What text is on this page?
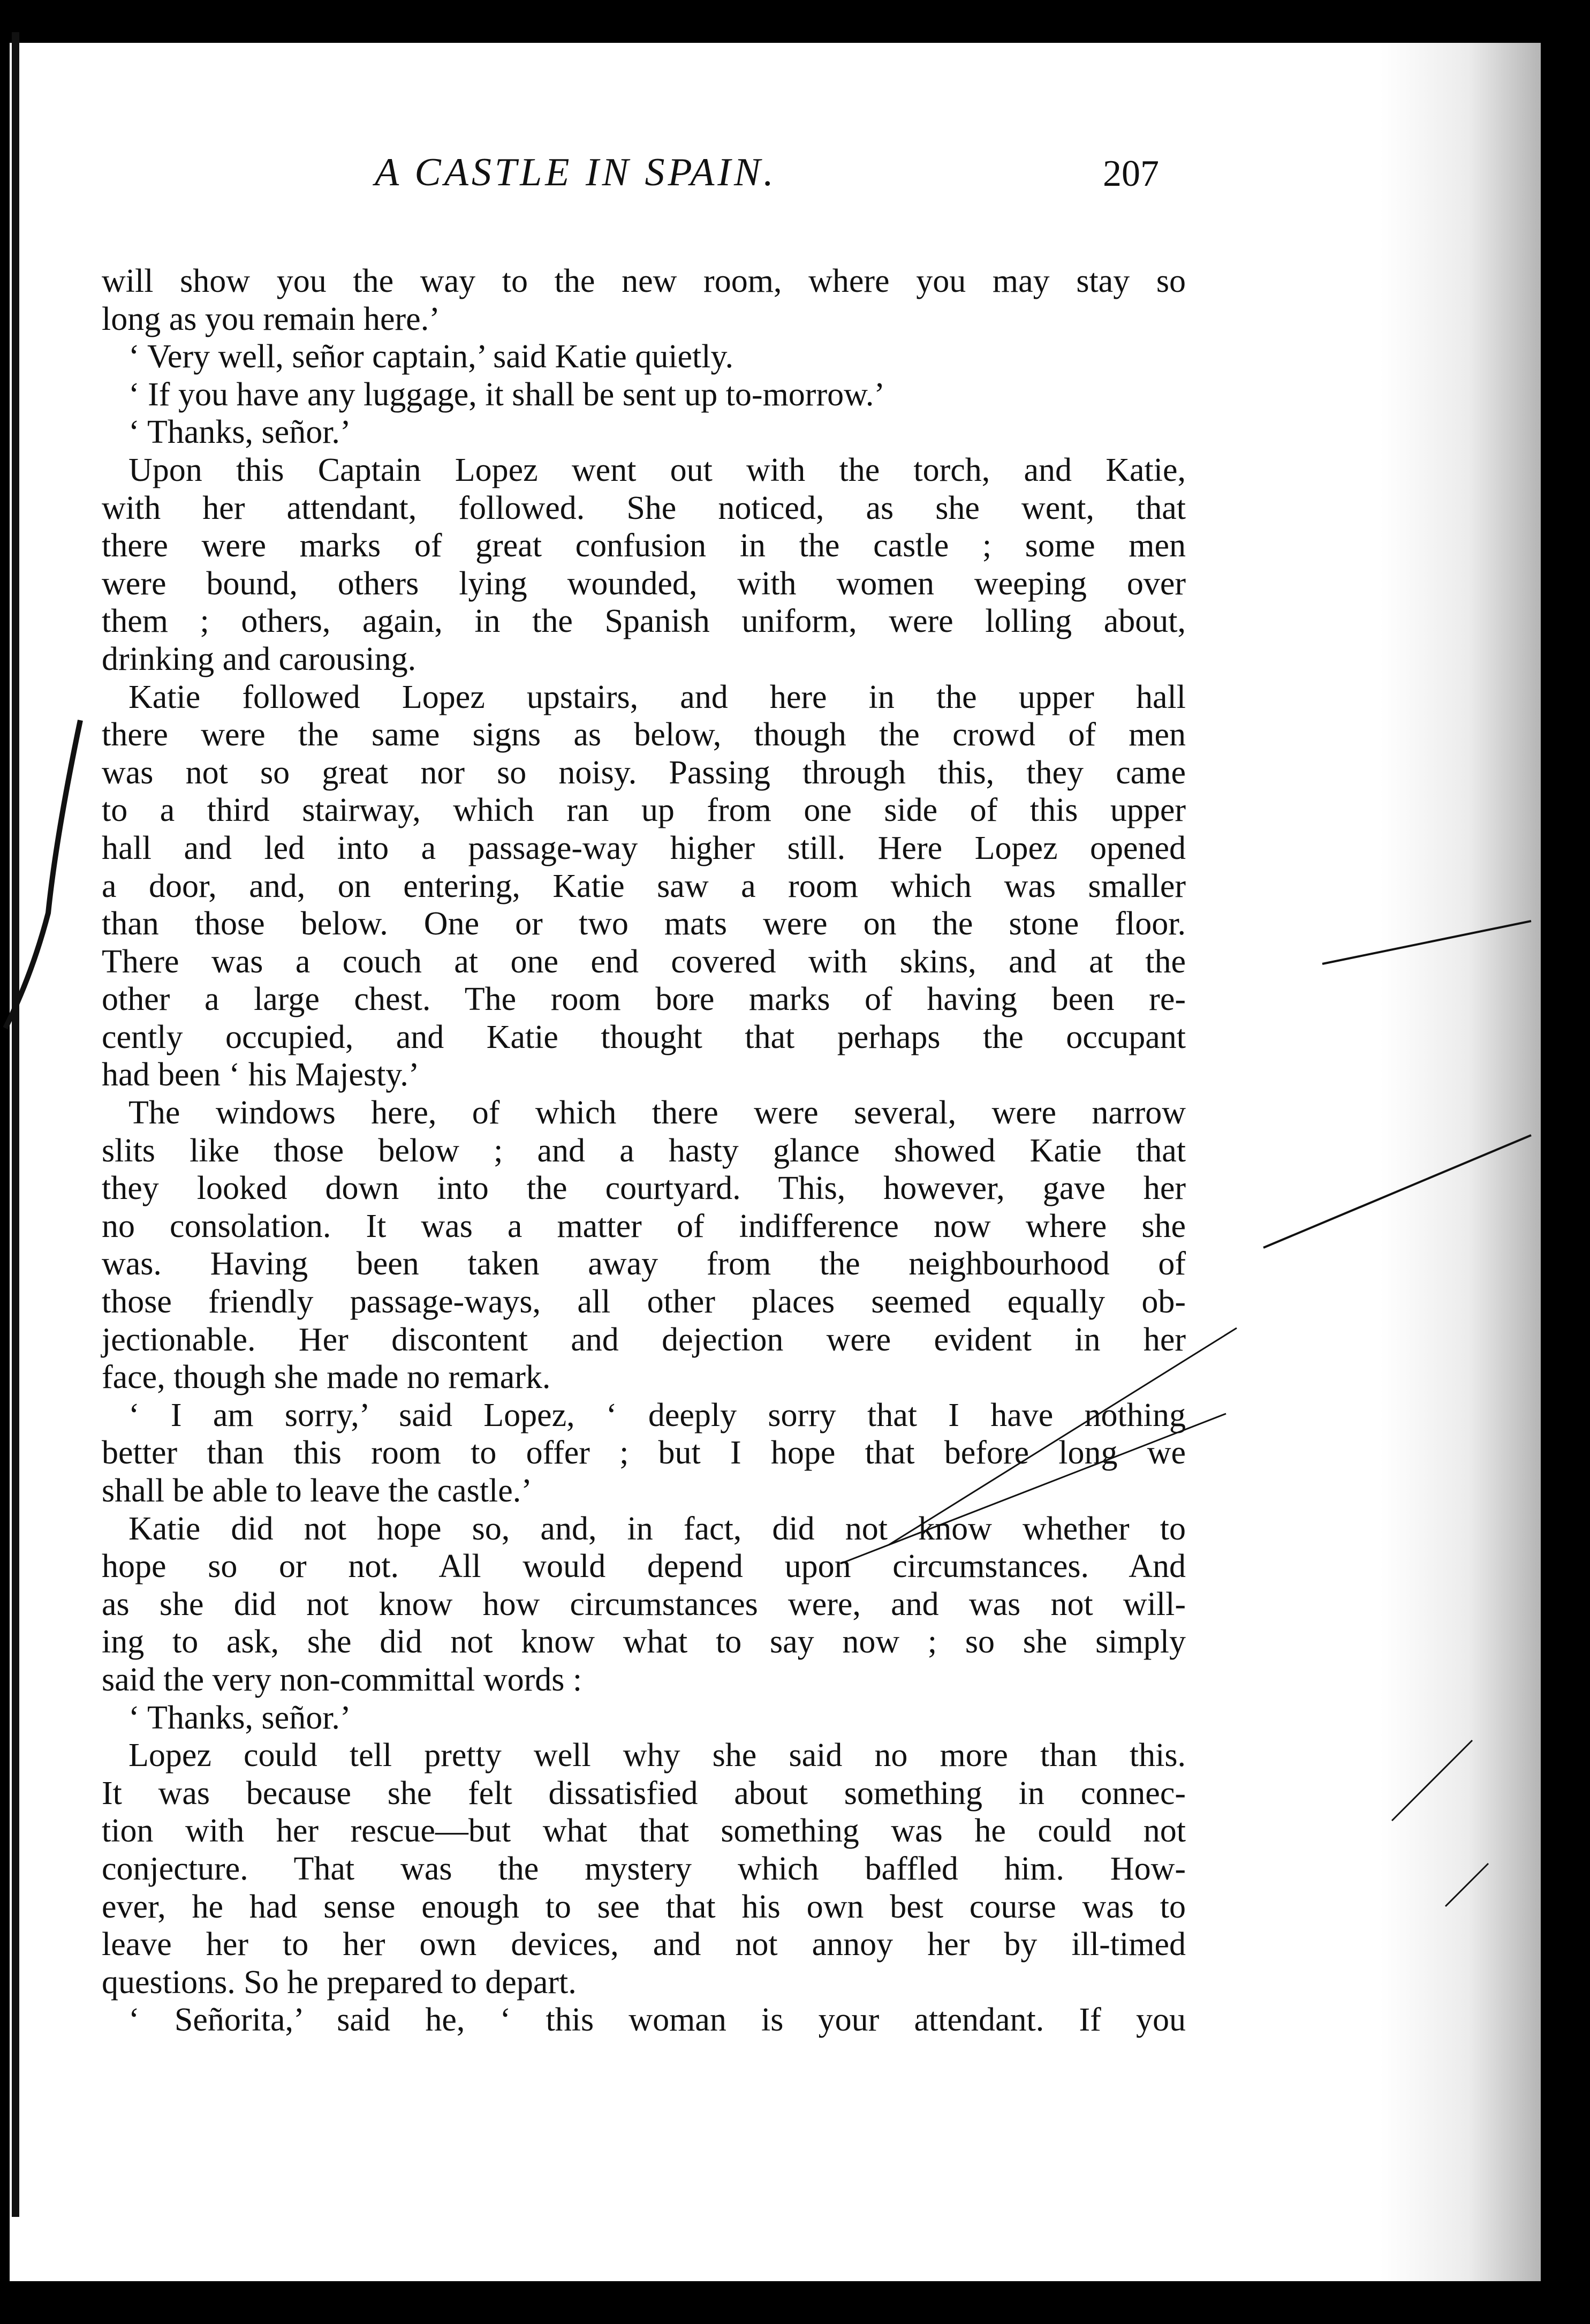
A CASTLE IN SPAIN.	207
will show you the way to the new room, where you may stay so
long as you remain here.’
‘ Very well, señor captain,’ said Katie quietly.
‘ If you have any luggage, it shall be sent up to-morrow.’
‘ Thanks, señor.’
Upon this Captain Lopez went out with the torch, and Katie,
with her attendant, followed. She noticed, as she went, that
there were marks of great confusion in the castle ; some men
were bound, others lying wounded, with women weeping over
them ; others, again, in the Spanish uniform, were lolling about,
drinking and carousing.
Katie followed Lopez upstairs, and here in the upper hall
there were the same signs as below, though the crowd of men
was not so great nor so noisy. Passing through this, they came
to a third stairway, which ran up from one side of this upper
hall and led into a passage-way higher still. Here Lopez opened
a door, and, on entering, Katie saw a room which was smaller
than those below. One or two mats were on the stone floor.
There was a couch at one end covered with skins, and at the
other a large chest. The room bore marks of having been re-
cently occupied, and Katie thought that perhaps the occupant
had been ‘ his Majesty.’
The windows here, of which there were several, were narrow
slits like those below ; and a hasty glance showed Katie that
they looked down into the courtyard. This, however, gave her
no consolation. It was a matter of indifference now where she
was. Having been taken away from the neighbourhood of
those friendly passage-ways, all other places seemed equally ob-
jectionable. Her discontent and dejection were evident in her
face, though she made no remark.
‘ I am sorry,’ said Lopez, ‘ deeply sorry that I have nothing
better than this room to offer ; but I hope that before long we
shall be able to leave the castle.’
Katie did not hope so, and, in fact, did not know whether to
hope so or not. All would depend upon circumstances. And
as she did not know how circumstances were, and was not will-
ing to ask, she did not know what to say now ; so she simply
said the very non-committal words :
‘ Thanks, señor.’
Lopez could tell pretty well why she said no more than this.
It was because she felt dissatisfied about something in connec-
tion with her rescue—but what that something was he could not
conjecture. That was the mystery which baffled him. How-
ever, he had sense enough to see that his own best course was to
leave her to her own devices, and not annoy her by ill-timed
questions. So he prepared to depart.
‘ Señorita,’ said he, ‘ this woman is your attendant. If you
